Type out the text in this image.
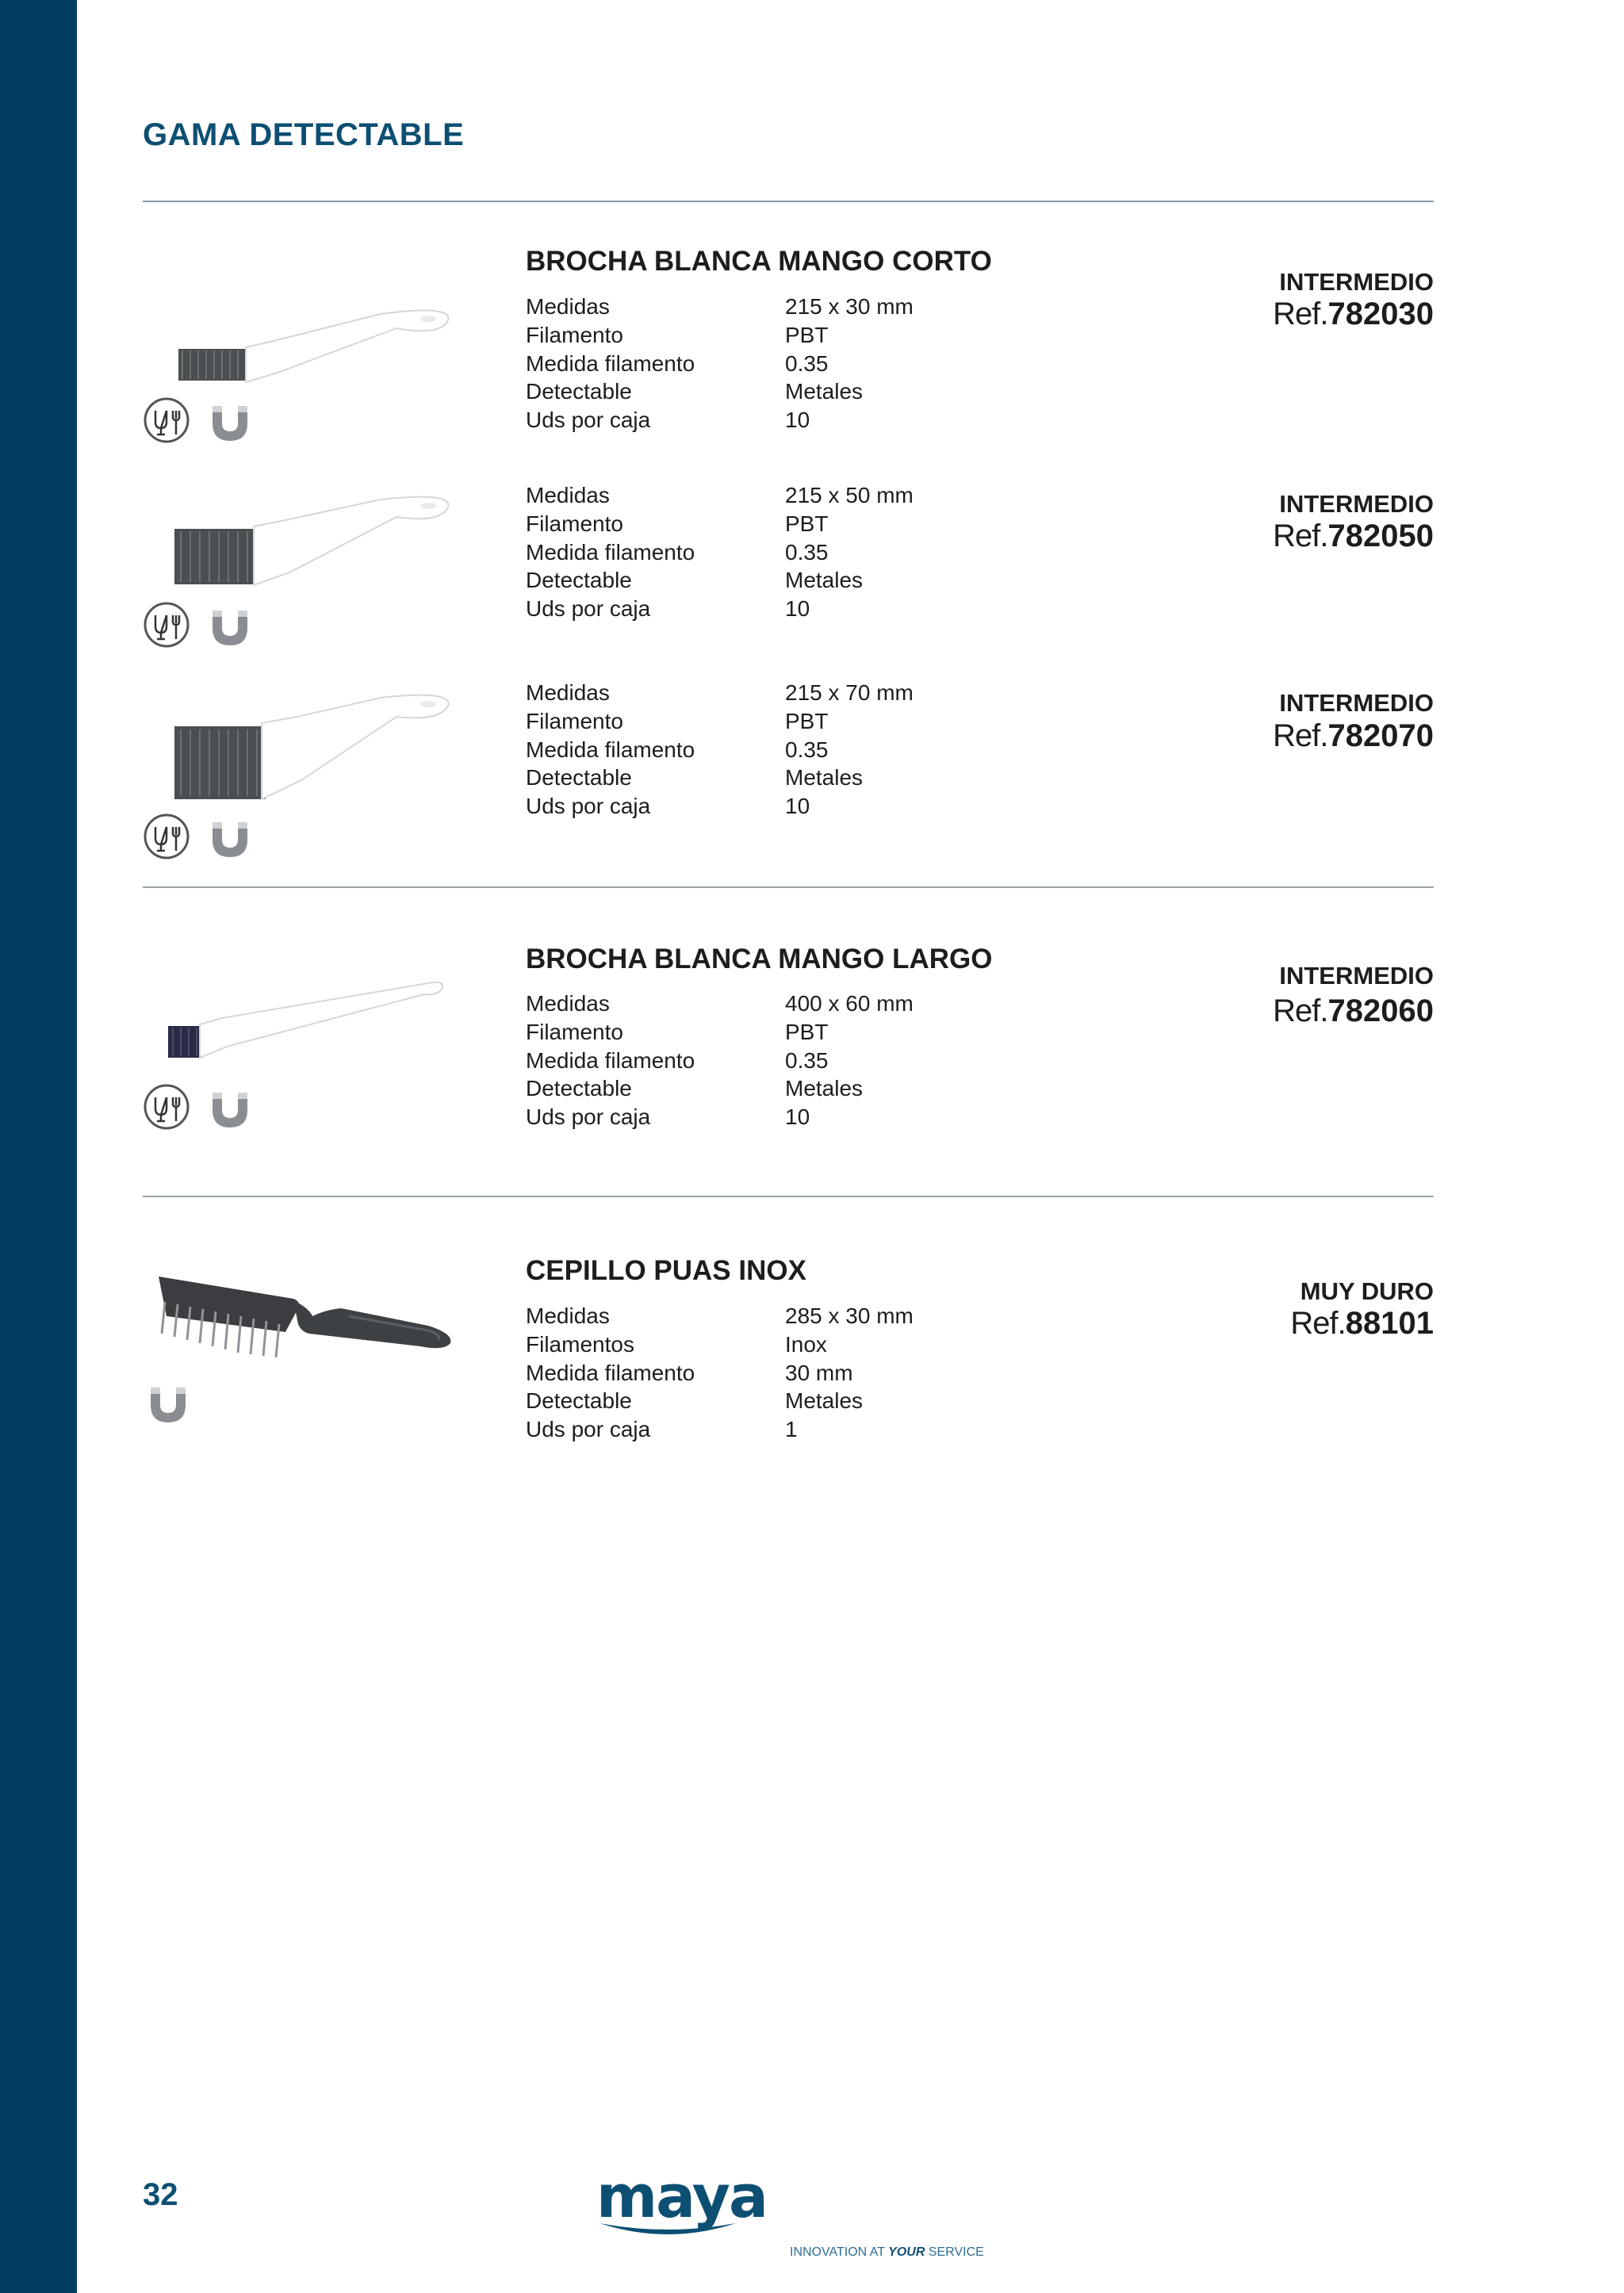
GAMA DETECTABLE
BROCHA BLANCA MANGO CORTO
Medidas	215 x 30 mm
Filamento	PBT
Medida filamento	0.35
Detectable	Metales
Uds por caja	10
INTERMEDIO
Ref.782030
Medidas	215 x 50 mm
Filamento	PBT
Medida filamento	0.35
Detectable	Metales
Uds por caja	10
INTERMEDIO
Ref.782050
Medidas	215 x 70 mm
Filamento	PBT
Medida filamento	0.35
Detectable	Metales
Uds por caja	10
INTERMEDIO
Ref.782070
BROCHA BLANCA MANGO LARGO
Medidas	400 x 60 mm
Filamento	PBT
Medida filamento	0.35
Detectable	Metales
Uds por caja	10
INTERMEDIO
Ref.782060
CEPILLO PUAS INOX
Medidas	285 x 30 mm
Filamentos	Inox
Medida filamento	30 mm
Detectable	Metales
Uds por caja	1
MUY DURO
Ref.88101
32	maya
INNOVATION AT YOUR SERVICE
